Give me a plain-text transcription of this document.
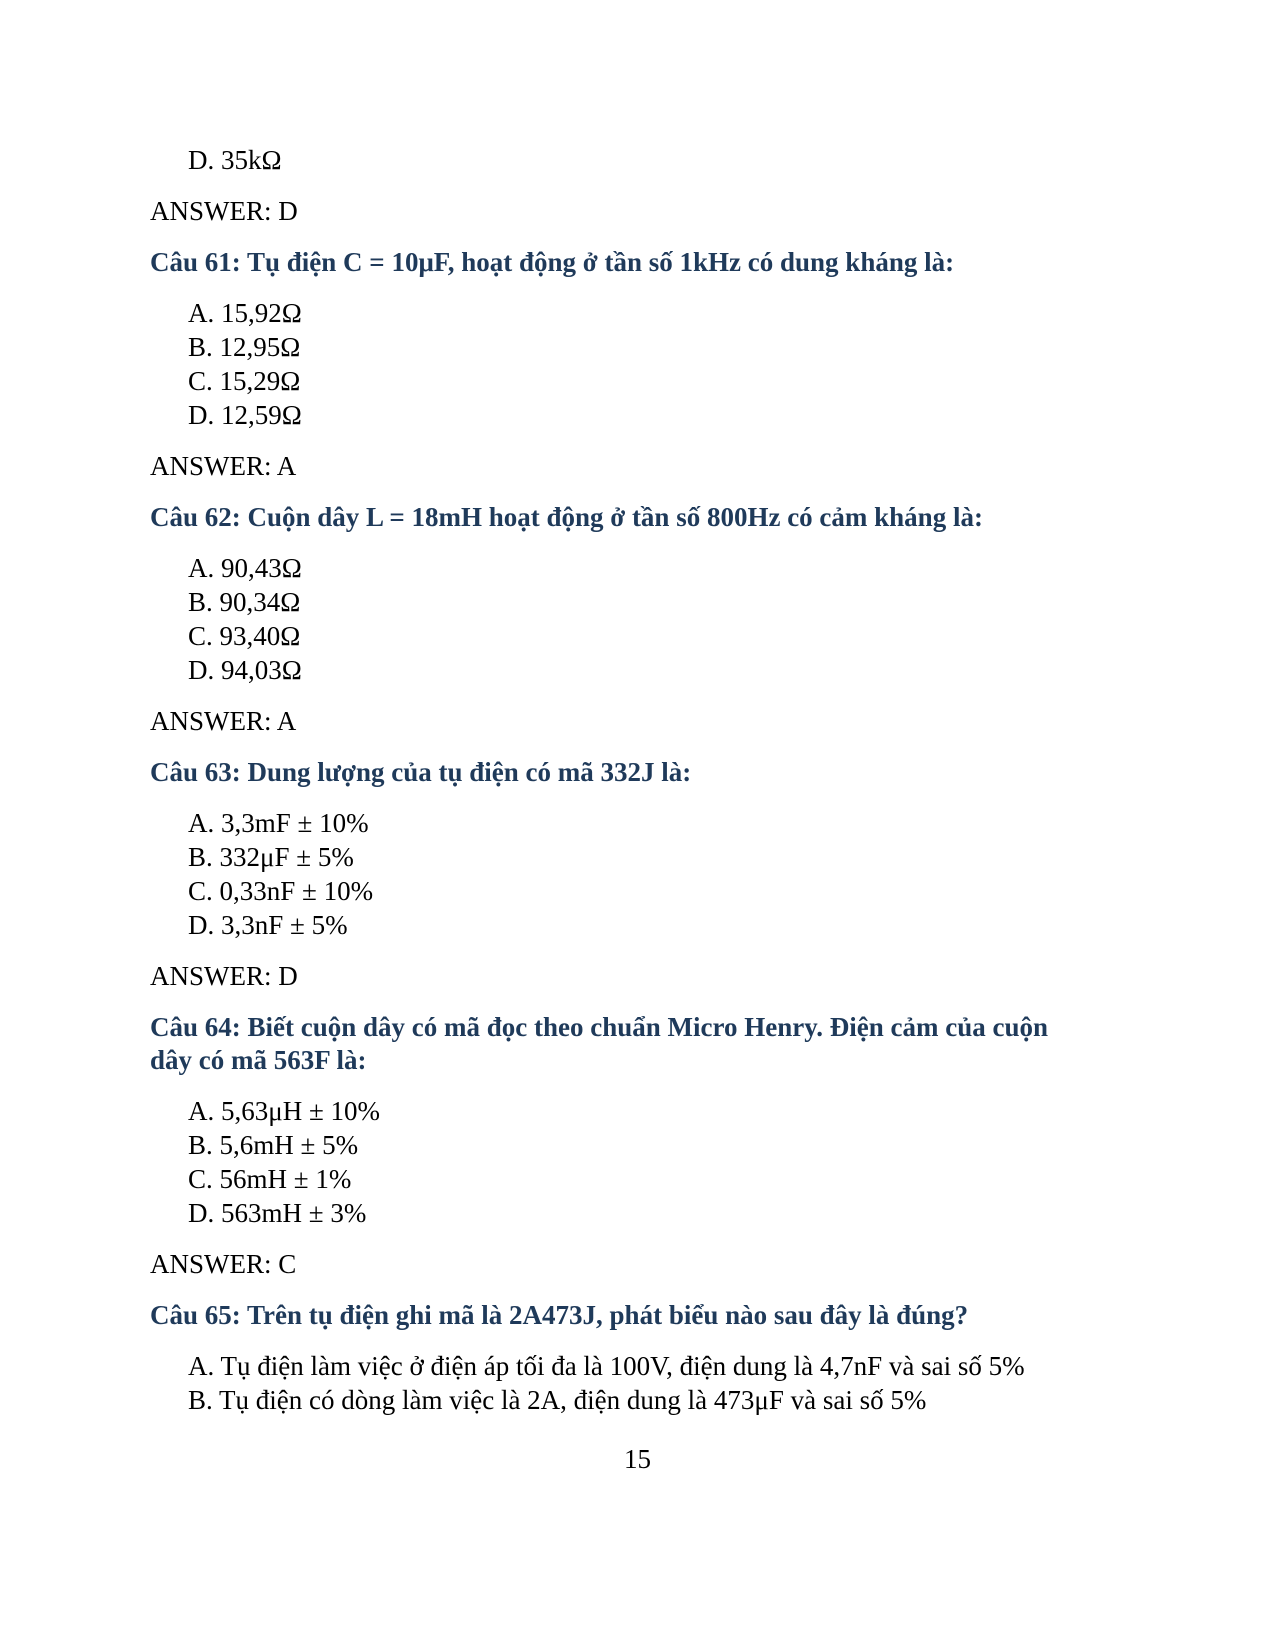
D. 35kΩ

ANSWER: D

Câu 61: Tụ điện C = 10μF, hoạt động ở tần số 1kHz có dung kháng là:

A. 15,92Ω

B. 12,95Ω

C. 15,29Ω

D. 12,59Ω

ANSWER: A

Câu 62: Cuộn dây L = 18mH hoạt động ở tần số 800Hz có cảm kháng là:

A. 90,43Ω

B. 90,34Ω

C. 93,40Ω

D. 94,03Ω

ANSWER: A

Câu 63: Dung lượng của tụ điện có mã 332J là:

A. 3,3mF ± 10%

B. 332μF ± 5%

C. 0,33nF ± 10%

D. 3,3nF ± 5%

ANSWER: D

Câu 64: Biết cuộn dây có mã đọc theo chuẩn Micro Henry. Điện cảm của cuộn

dây có mã 563F là:

A. 5,63μH ± 10%

B. 5,6mH ± 5%

C. 56mH ± 1%

D. 563mH ± 3%

ANSWER: C

Câu 65: Trên tụ điện ghi mã là 2A473J, phát biểu nào sau đây là đúng?

A. Tụ điện làm việc ở điện áp tối đa là 100V, điện dung là 4,7nF và sai số 5%

B. Tụ điện có dòng làm việc là 2A, điện dung là 473μF và sai số 5%

15
